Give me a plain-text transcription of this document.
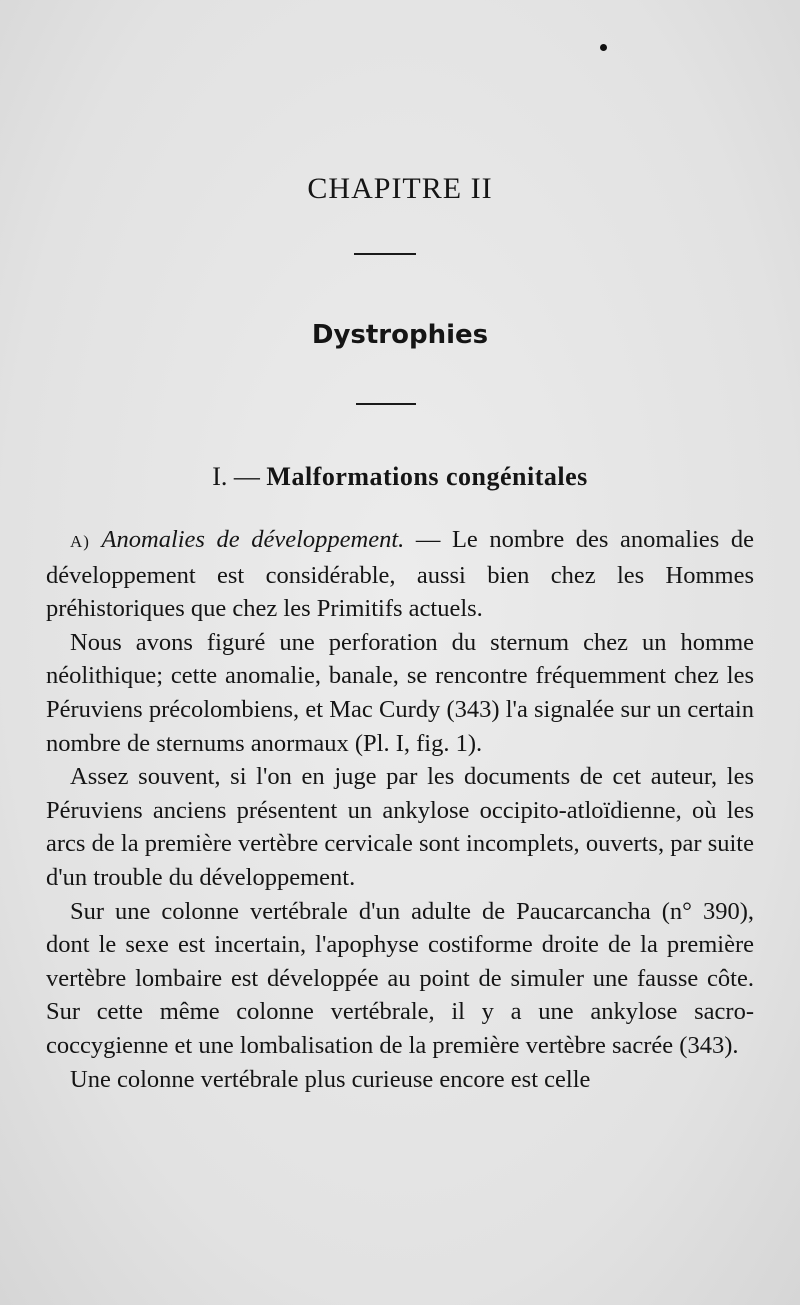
CHAPITRE II
Dystrophies
I. — Malformations congénitales

A) Anomalies de développement. — Le nombre des anomalies de développement est considérable, aussi bien chez les Hommes préhistoriques que chez les Primitifs actuels.

Nous avons figuré une perforation du sternum chez un homme néolithique; cette anomalie, banale, se rencontre fréquemment chez les Péruviens précolombiens, et Mac Curdy (343) l'a signalée sur un certain nombre de sternums anormaux (Pl. I, fig. 1).

Assez souvent, si l'on en juge par les documents de cet auteur, les Péruviens anciens présentent un ankylose occipito-atloïdienne, où les arcs de la première vertèbre cervicale sont incomplets, ouverts, par suite d'un trouble du développement.

Sur une colonne vertébrale d'un adulte de Paucarcancha (n° 390), dont le sexe est incertain, l'apophyse costiforme droite de la première vertèbre lombaire est développée au point de simuler une fausse côte. Sur cette même colonne vertébrale, il y a une ankylose sacro-coccygienne et une lombalisation de la première vertèbre sacrée (343).

Une colonne vertébrale plus curieuse encore est celle
